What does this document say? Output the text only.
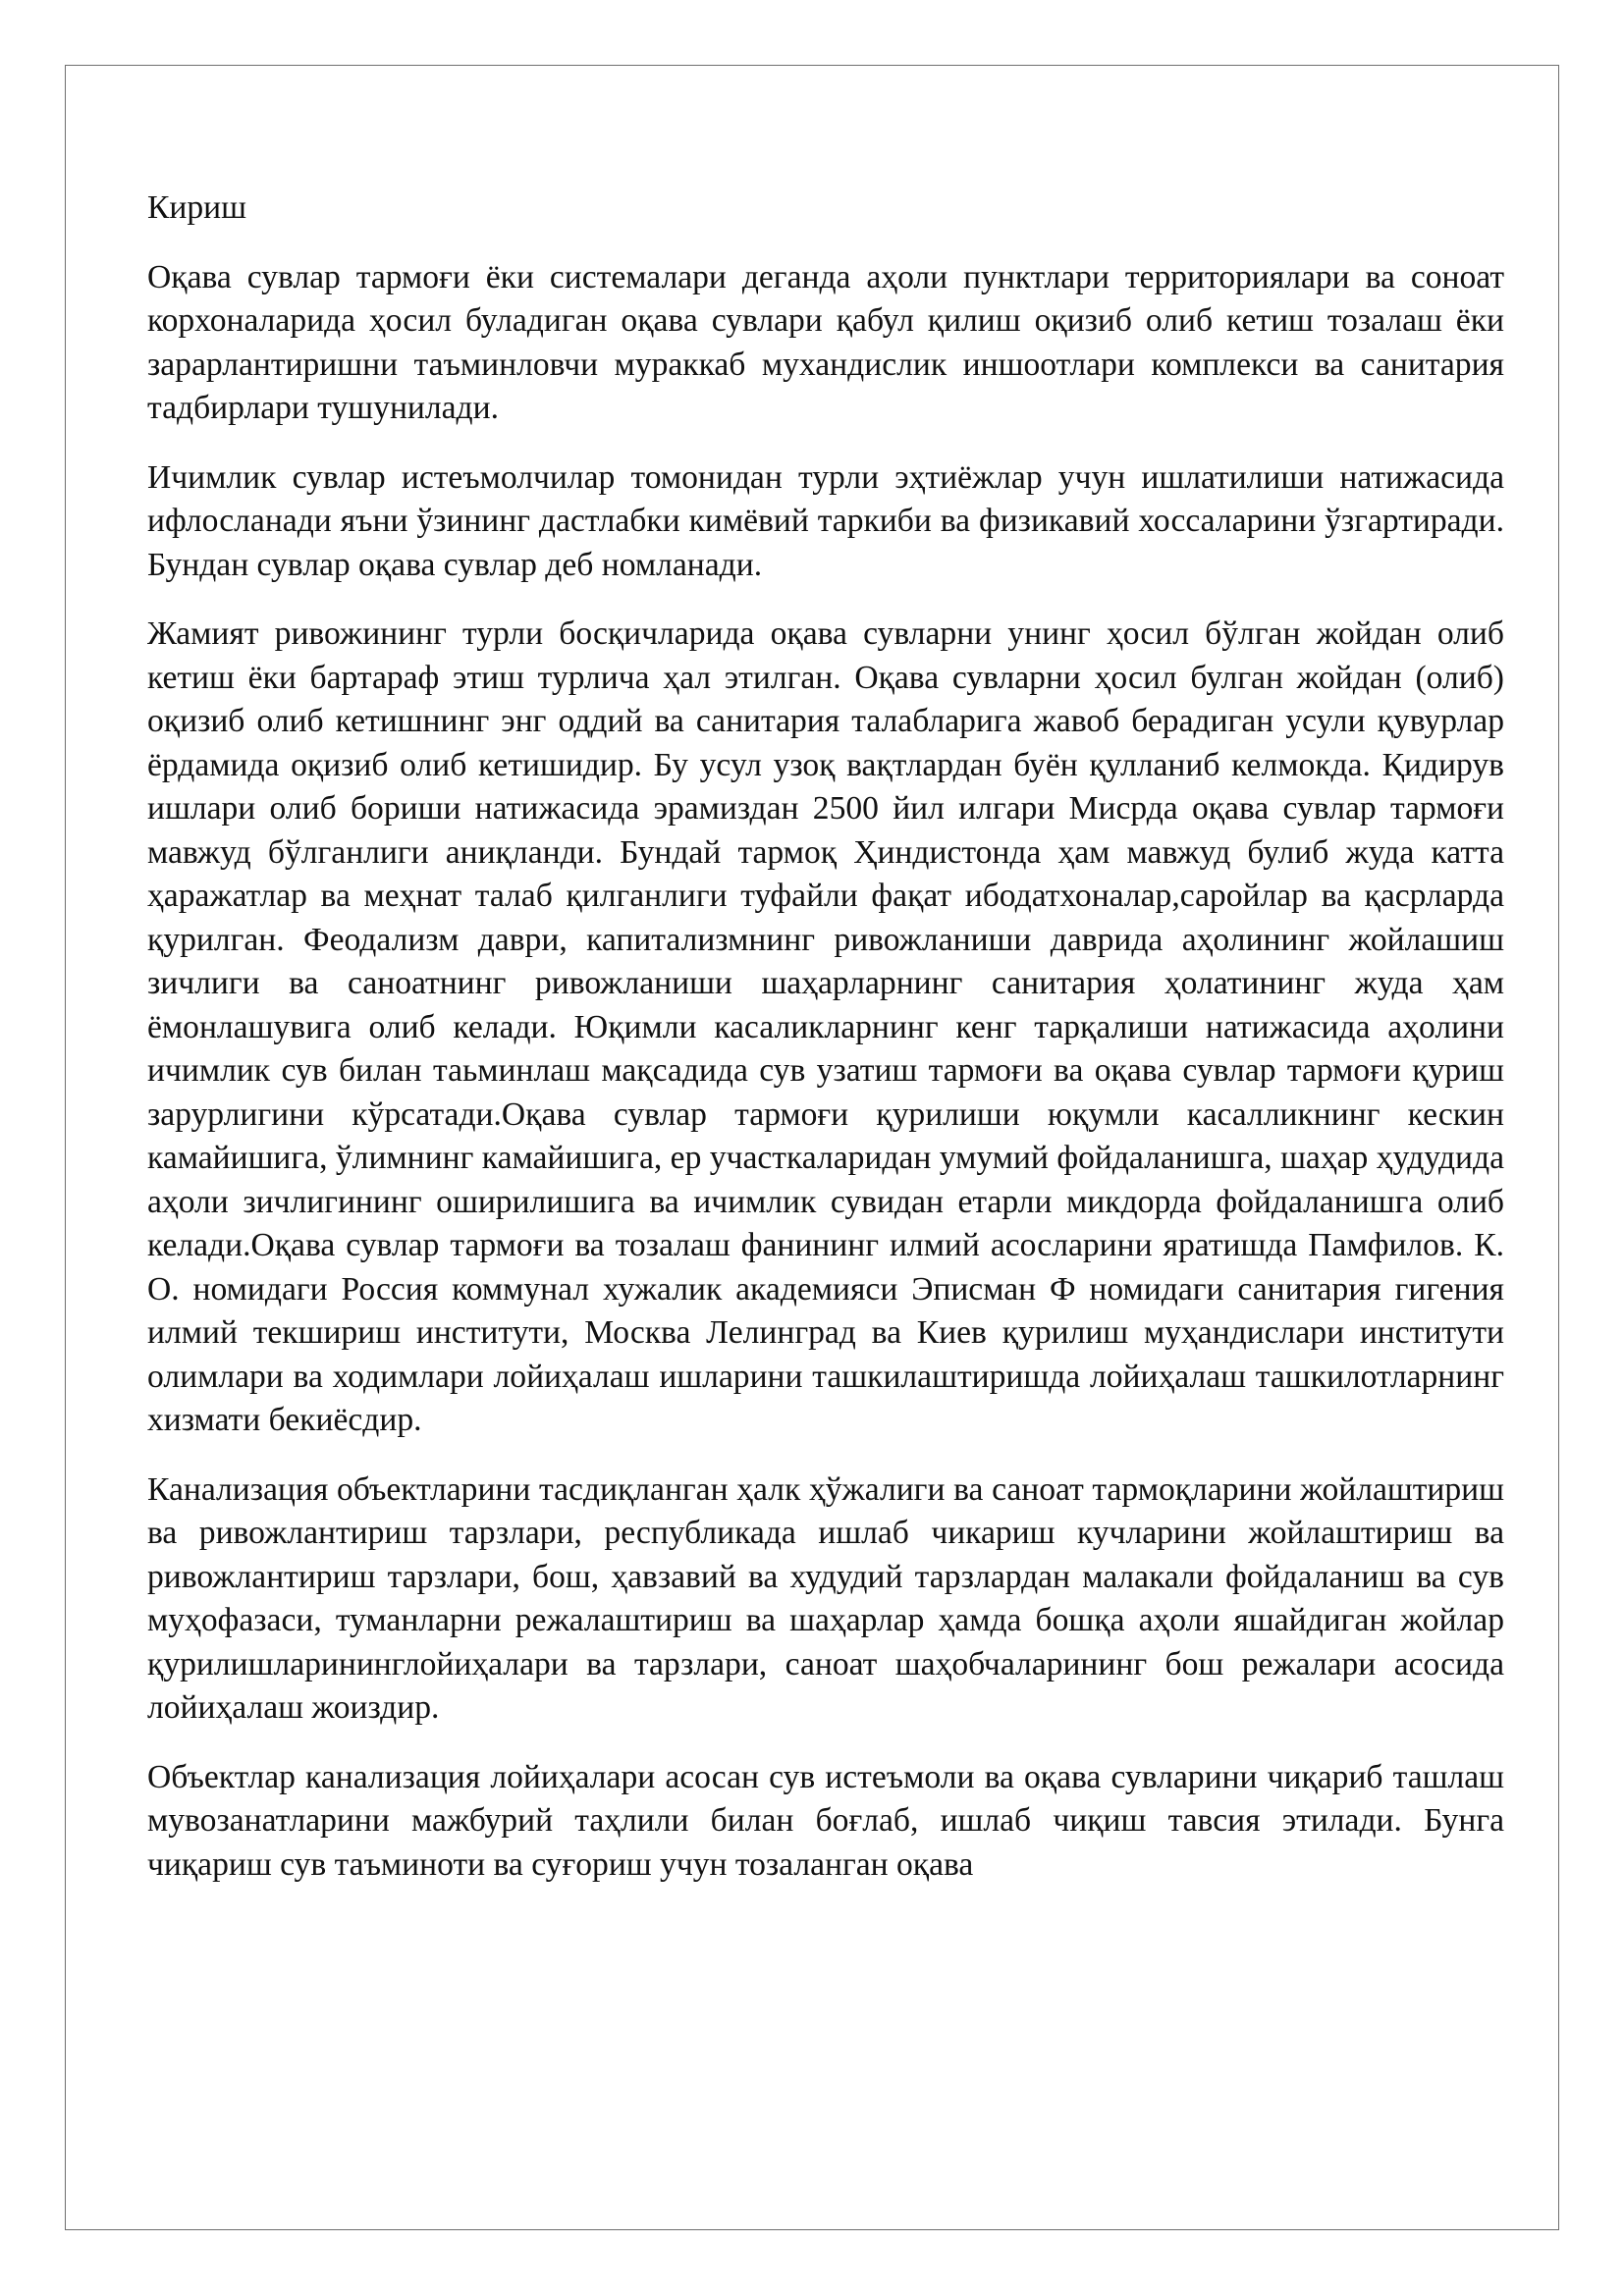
Кириш

Оқава сувлар тармоғи ёки системалари деганда аҳоли пунктлари территориялари ва соноат корхоналарида ҳосил буладиган оқава сувлари қабул қилиш оқизиб олиб кетиш тозалаш ёки зарарлантиришни таъминловчи мураккаб мухандислик иншоотлари комплекси ва санитария тадбирлари тушунилади.

Ичимлик сувлар истеъмолчилар томонидан турли эҳтиёжлар учун ишлатилиши натижасида ифлосланади яъни ўзининг дастлабки кимёвий таркиби ва физикавий хоссаларини ўзгартиради. Бундан сувлар оқава сувлар деб номланади.

Жамият ривожининг турли босқичларида оқава сувларни унинг ҳосил бўлган жойдан олиб кетиш ёки бартараф этиш турлича ҳал этилган. Оқава сувларни ҳосил булган жойдан (олиб) оқизиб олиб кетишнинг энг оддий ва санитария талабларига жавоб берадиган усули қувурлар ёрдамида оқизиб олиб кетишидир. Бу усул узоқ вақтлардан буён қулланиб келмокда. Қидирув ишлари олиб бориши натижасида эрамиздан 2500 йил илгари Мисрда оқава сувлар тармоғи мавжуд бўлганлиги аниқланди. Бундай тармоқ Ҳиндистонда ҳам мавжуд булиб жуда катта ҳаражатлар ва меҳнат талаб қилганлиги туфайли фақат ибодатхоналар,саройлар ва қасрларда қурилган. Феодализм даври, капитализмнинг ривожланиши даврида аҳолининг жойлашиш зичлиги ва саноатнинг ривожланиши шаҳарларнинг санитария ҳолатининг жуда ҳам ёмонлашувига олиб келади. Юқимли касаликларнинг кенг тарқалиши натижасида аҳолини ичимлик сув билан таьминлаш мақсадида сув узатиш тармоғи ва оқава сувлар тармоғи қуриш зарурлигини кўрсатади.Оқава сувлар тармоғи қурилиши юқумли касалликнинг кескин камайишига, ўлимнинг камайишига, ер участкаларидан умумий фойдаланишга, шаҳар ҳудудида аҳоли зичлигининг оширилишига ва ичимлик сувидан етарли микдорда фойдаланишга олиб келади.Оқава сувлар тармоғи ва тозалаш фанининг илмий асосларини яратишда Памфилов. К. О. номидаги Россия коммунал хужалик академияси Эписман Ф номидаги санитария гигения илмий текшириш институти, Москва Лелинград ва Киев қурилиш муҳандислари институти олимлари ва ходимлари лойиҳалаш ишларини ташкилаштиришда лойиҳалаш ташкилотларнинг хизмати бекиёсдир.

Канализация объектларини тасдиқланган ҳалк ҳўжалиги ва саноат тармоқларини жойлаштириш ва ривожлантириш тарзлари, республикада ишлаб чикариш кучларини жойлаштириш ва ривожлантириш тарзлари, бош, ҳавзавий ва худудий тарзлардан малакали фойдаланиш ва сув муҳофазаси, туманларни режалаштириш ва шаҳарлар ҳамда бошқа аҳоли яшайдиган жойлар қурилишларининглойиҳалари ва тарзлари, саноат шаҳобчаларининг бош режалари асосида лойиҳалаш жоиздир.

Объектлар канализация лойиҳалари асосан сув истеъмоли ва оқава сувларини чиқариб ташлаш мувозанатларини мажбурий таҳлили билан боғлаб, ишлаб чиқиш тавсия этилади. Бунга чиқариш сув таъминоти ва суғориш учун тозаланган оқава
